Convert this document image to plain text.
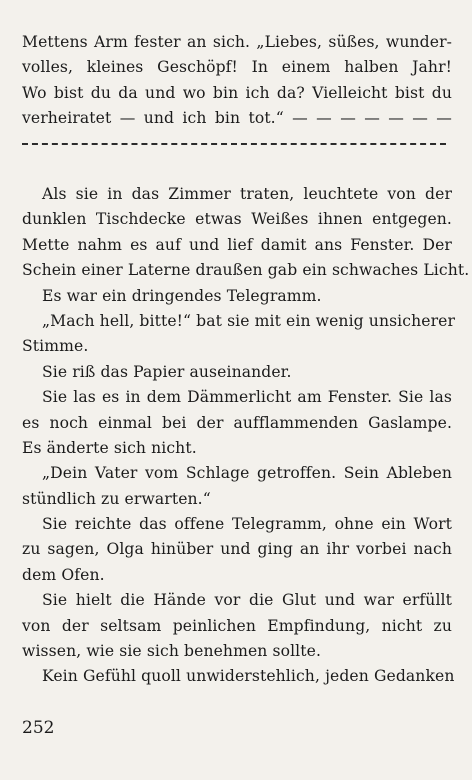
Mettens Arm fester an sich. „Liebes, süßes, wunder-
volles, kleines Geschöpf! In einem halben Jahr!
Wo bist du da und wo bin ich da? Vielleicht bist du
verheiratet — und ich bin tot.“ — — — — — — —
Als sie in das Zimmer traten, leuchtete von der
dunklen Tischdecke etwas Weißes ihnen entgegen.
Mette nahm es auf und lief damit ans Fenster. Der
Schein einer Laterne draußen gab ein schwaches Licht.
Es war ein dringendes Telegramm.
„Mach hell, bitte!“ bat sie mit ein wenig unsicherer
Stimme.
Sie riß das Papier auseinander.
Sie las es in dem Dämmerlicht am Fenster. Sie las
es noch einmal bei der aufflammenden Gaslampe.
Es änderte sich nicht.
„Dein Vater vom Schlage getroffen. Sein Ableben
stündlich zu erwarten.“
Sie reichte das offene Telegramm, ohne ein Wort
zu sagen, Olga hinüber und ging an ihr vorbei nach
dem Ofen.
Sie hielt die Hände vor die Glut und war erfüllt
von der seltsam peinlichen Empfindung, nicht zu
wissen, wie sie sich benehmen sollte.
Kein Gefühl quoll unwiderstehlich, jeden Gedanken
252
